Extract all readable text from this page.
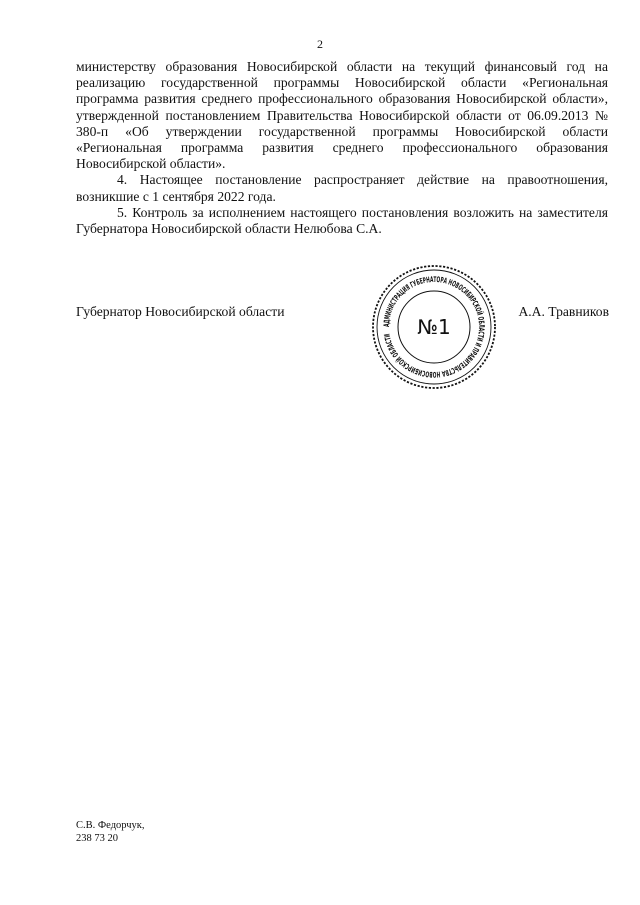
2

министерству образования Новосибирской области на текущий финансовый год на реализацию государственной программы Новосибирской области «Региональная программа развития среднего профессионального образования Новосибирской области», утвержденной постановлением Правительства Новосибирской области от 06.09.2013 № 380-п «Об утверждении государственной программы Новосибирской области «Региональная программа развития среднего профессионального образования Новосибирской области».

4. Настоящее постановление распространяет действие на правоотношения, возникшие с 1 сентября 2022 года.

5. Контроль за исполнением настоящего постановления возложить на заместителя Губернатора Новосибирской области Нелюбова С.А.

Губернатор Новосибирской области
АДМИНИСТРАЦИЯ ГУБЕРНАТОРА НОВОСИБИРСКОЙ ОБЛАСТИ И ПРАВИТЕЛЬСТВА НОВОСИБИРСКОЙ ОБЛАСТИ	№1
А.А. Травников
С.В. Федорчук,
238 73 20
